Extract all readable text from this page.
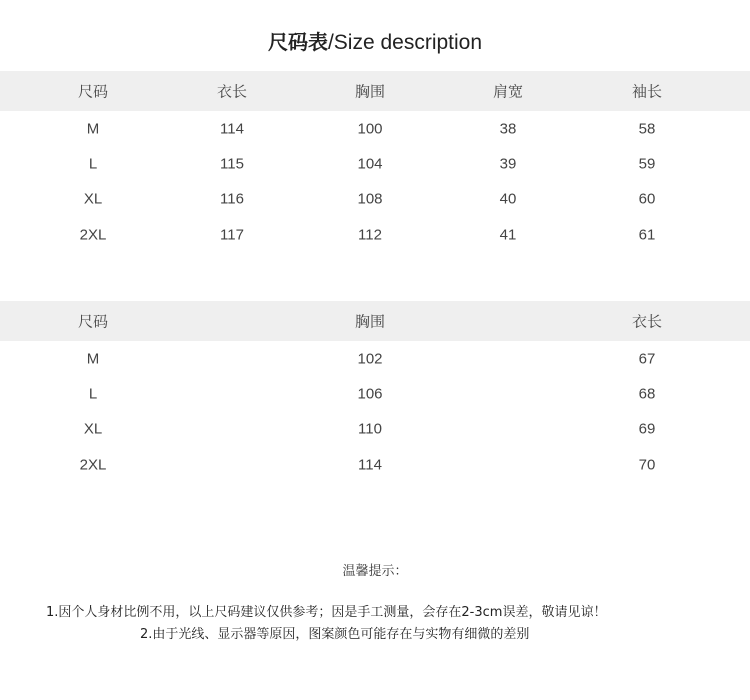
尺码表/Size description
尺码	衣长	胸围	肩宽	袖长
M	114	100	38	58
L	115	104	39	59
XL	116	108	40	60
2XL	117	112	41	61
尺码	胸围	衣长
M	102	67
L	106	68
XL	110	69
2XL	114	70
温馨提示：
1.因个人身材比例不用，以上尺码建议仅供参考；因是手工测量，会存在2-3cm误差，敬请见谅！
2.由于光线、显示器等原因，图案颜色可能存在与实物有细微的差别
